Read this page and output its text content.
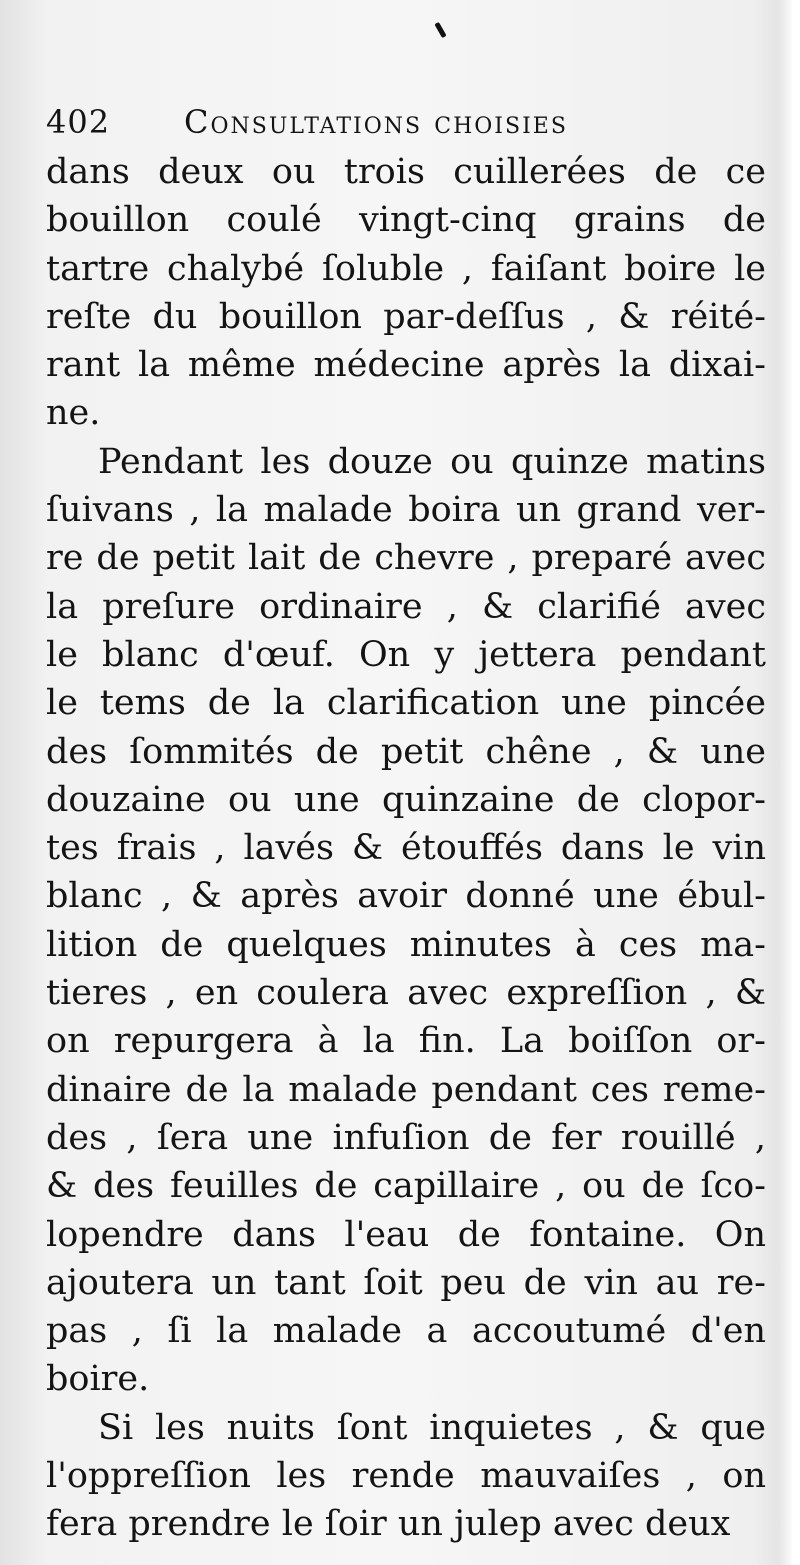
402 Consultations choisies
dans deux ou trois cuillerées de ce
bouillon coulé vingt-cinq grains de
tartre chalybé ſoluble , faiſant boire le
reſte du bouillon par-deſſus , & réité-
rant la même médecine après la dixai-
ne.
Pendant les douze ou quinze matins
ſuivans , la malade boira un grand ver-
re de petit lait de chevre , preparé avec
la preſure ordinaire , & clarifié avec
le blanc d'œuf. On y jettera pendant
le tems de la clarification une pincée
des ſommités de petit chêne , & une
douzaine ou une quinzaine de clopor-
tes frais , lavés & étouffés dans le vin
blanc , & après avoir donné une ébul-
lition de quelques minutes à ces ma-
tieres , en coulera avec expreſſion , &
on repurgera à la fin. La boiſſon or-
dinaire de la malade pendant ces reme-
des , ſera une infuſion de fer rouillé ,
& des feuilles de capillaire , ou de ſco-
lopendre dans l'eau de fontaine. On
ajoutera un tant ſoit peu de vin au re-
pas , ſi la malade a accoutumé d'en
boire.
Si les nuits ſont inquietes , & que
l'oppreſſion les rende mauvaiſes , on
fera prendre le ſoir un julep avec deux
